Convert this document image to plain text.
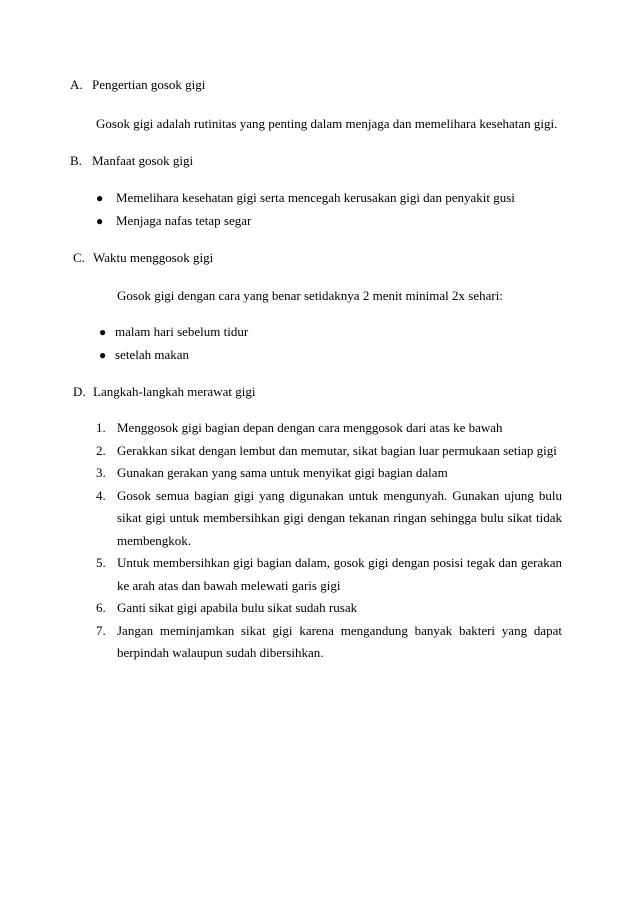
A. Pengertian gosok gigi
Gosok gigi adalah rutinitas yang penting dalam menjaga dan memelihara kesehatan gigi.
B. Manfaat gosok gigi
● Memelihara kesehatan gigi serta mencegah kerusakan gigi dan penyakit gusi
● Menjaga nafas tetap segar
C. Waktu menggosok gigi
Gosok gigi dengan cara yang benar setidaknya 2 menit minimal 2x sehari:
● malam hari sebelum tidur
● setelah makan
D. Langkah-langkah merawat gigi
1. Menggosok gigi bagian depan dengan cara menggosok dari atas ke bawah
2. Gerakkan sikat dengan lembut dan memutar, sikat bagian luar permukaan setiap gigi
3. Gunakan gerakan yang sama untuk menyikat gigi bagian dalam
4. Gosok semua bagian gigi yang digunakan untuk mengunyah. Gunakan ujung bulu sikat gigi untuk membersihkan gigi dengan tekanan ringan sehingga bulu sikat tidak membengkok.
5. Untuk membersihkan gigi bagian dalam, gosok gigi dengan posisi tegak dan gerakan ke arah atas dan bawah melewati garis gigi
6. Ganti sikat gigi apabila bulu sikat sudah rusak
7. Jangan meminjamkan sikat gigi karena mengandung banyak bakteri yang dapat berpindah walaupun sudah dibersihkan.
